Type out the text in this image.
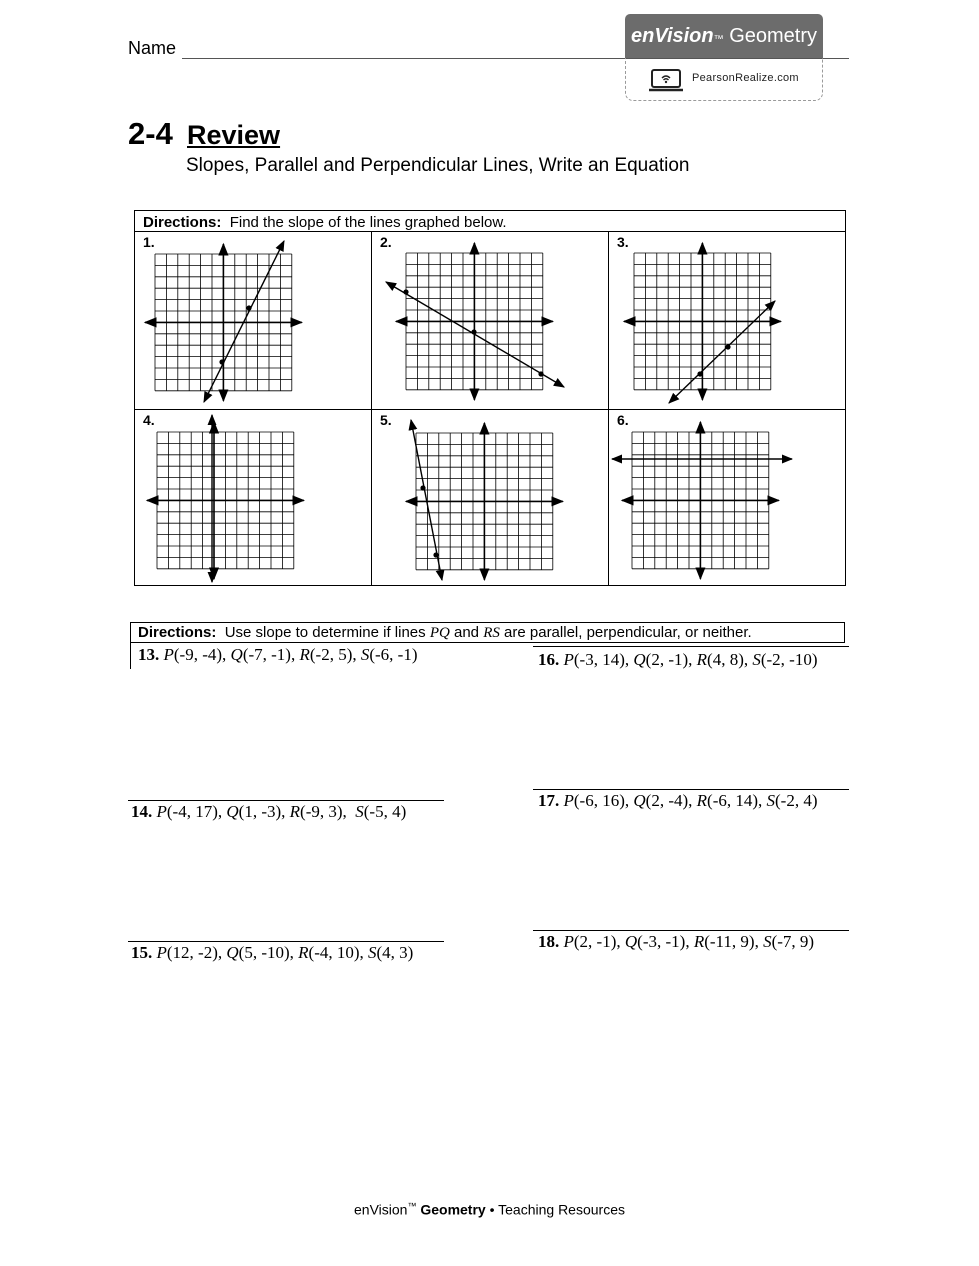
Name
enVision™ Geometry
PearsonRealize.com
2-4 Review
Slopes, Parallel and Perpendicular Lines, Write an Equation
Directions: Find the slope of the lines graphed below.
1.	2.	3.
4.	5.	6.
Directions: Use slope to determine if lines PQ and RS are parallel, perpendicular, or neither.
13. P(-9, -4), Q(-7, -1), R(-2, 5), S(-6, -1)
14. P(-4, 17), Q(1, -3), R(-9, 3),  S(-5, 4)
15. P(12, -2), Q(5, -10), R(-4, 10), S(4, 3)
16. P(-3, 14), Q(2, -1), R(4, 8), S(-2, -10)
17. P(-6, 16), Q(2, -4), R(-6, 14), S(-2, 4)
18. P(2, -1), Q(-3, -1), R(-11, 9), S(-7, 9)
enVision™ Geometry • Teaching Resources
